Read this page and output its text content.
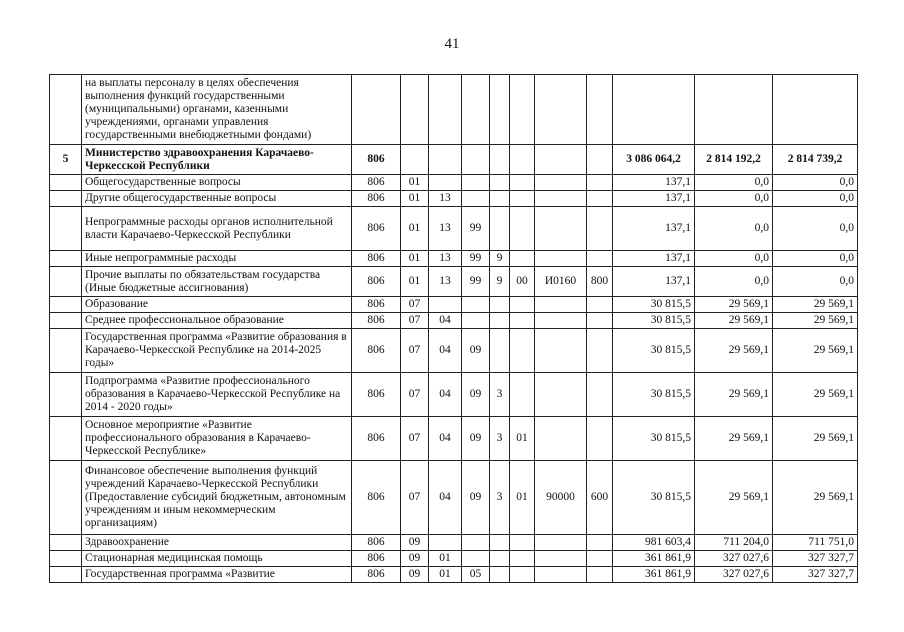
41
	на выплаты персоналу в целях обеспечения выполнения функций государственными (муниципальными) органами, казенными учреждениями, органами управления государственными внебюджетными фондами)											
5	Министерство здравоохранения Карачаево-Черкесской Республики	806								3 086 064,2	2 814 192,2	2 814 739,2
	Общегосударственные вопросы	806	01							137,1	0,0	0,0
	Другие общегосударственные вопросы	806	01	13						137,1	0,0	0,0
	Непрограммные расходы органов исполнительной власти Карачаево-Черкесской Республики	806	01	13	99					137,1	0,0	0,0
	Иные непрограммные расходы	806	01	13	99	9				137,1	0,0	0,0
	Прочие выплаты по обязательствам государства (Иные бюджетные ассигнования)	806	01	13	99	9	00	И0160	800	137,1	0,0	0,0
	Образование	806	07							30 815,5	29 569,1	29 569,1
	Среднее профессиональное образование	806	07	04						30 815,5	29 569,1	29 569,1
	Государственная программа «Развитие образования в Карачаево-Черкесской Республике на 2014-2025 годы»	806	07	04	09					30 815,5	29 569,1	29 569,1
	Подпрограмма «Развитие профессионального образования в Карачаево-Черкесской Республике на 2014 - 2020 годы»	806	07	04	09	3				30 815,5	29 569,1	29 569,1
	Основное мероприятие «Развитие профессионального образования в Карачаево-Черкесской Республике»	806	07	04	09	3	01			30 815,5	29 569,1	29 569,1
	Финансовое обеспечение выполнения функций учреждений Карачаево-Черкесской Республики (Предоставление субсидий бюджетным, автономным учреждениям и иным некоммерческим организациям)	806	07	04	09	3	01	90000	600	30 815,5	29 569,1	29 569,1
	Здравоохранение	806	09							981 603,4	711 204,0	711 751,0
	Стационарная медицинская помощь	806	09	01						361 861,9	327 027,6	327 327,7
	Государственная программа «Развитие	806	09	01	05					361 861,9	327 027,6	327 327,7
